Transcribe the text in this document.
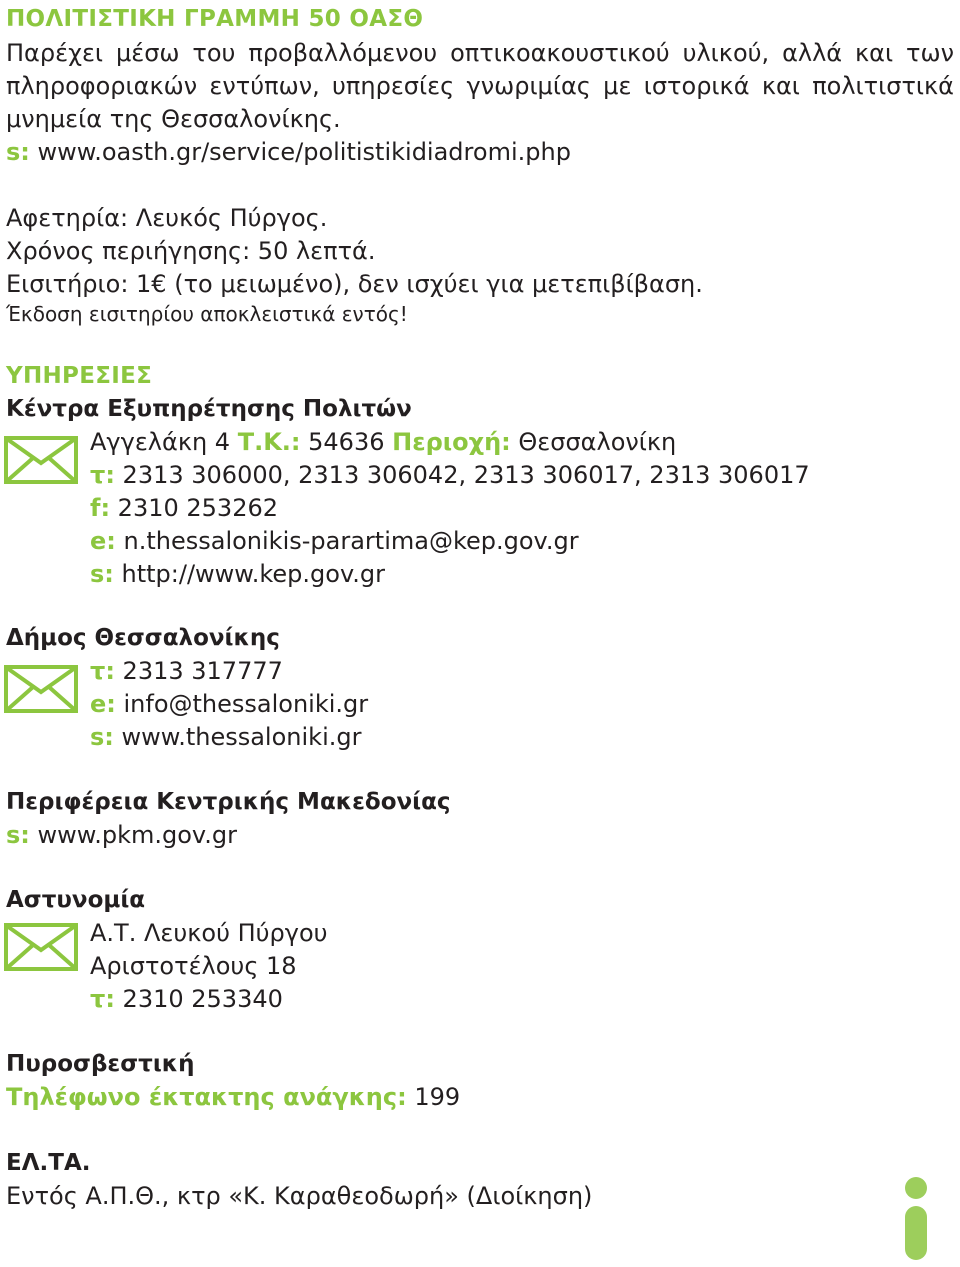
ΠΟΛΙΤΙΣΤΙΚΗ ΓΡΑΜΜΗ 50 ΟΑΣΘ
Παρέχει μέσω του προβαλλόμενου οπτικοακουστικού υλικού, αλλά και των
πληροφοριακών εντύπων, υπηρεσίες γνωριμίας με ιστορικά και πολιτιστικά
μνημεία της Θεσσαλονίκης.
s: www.oasth.gr/service/politistikidiadromi.php
Αφετηρία: Λευκός Πύργος.
Χρόνος περιήγησης: 50 λεπτά.
Εισιτήριο: 1€ (το μειωμένο), δεν ισχύει για μετεπιβίβαση.
Έκδοση εισιτηρίου αποκλειστικά εντός!
ΥΠΗΡΕΣΙΕΣ
Κέντρα Εξυπηρέτησης Πολιτών
Αγγελάκη 4 Τ.Κ.: 54636 Περιοχή: Θεσσαλονίκη
τ: 2313 306000, 2313 306042, 2313 306017, 2313 306017
f: 2310 253262
e: n.thessalonikis-parartima@kep.gov.gr
s: http://www.kep.gov.gr
Δήμος Θεσσαλονίκης
τ: 2313 317777
e: info@thessaloniki.gr
s: www.thessaloniki.gr
Περιφέρεια Κεντρικής Μακεδονίας
s: www.pkm.gov.gr
Αστυνομία
Α.Τ. Λευκού Πύργου
Αριστοτέλους 18
τ: 2310 253340
Πυροσβεστική
Τηλέφωνο έκτακτης ανάγκης: 199
ΕΛ.ΤΑ.
Εντός Α.Π.Θ., κτρ «Κ. Καραθεοδωρή» (Διοίκηση)
